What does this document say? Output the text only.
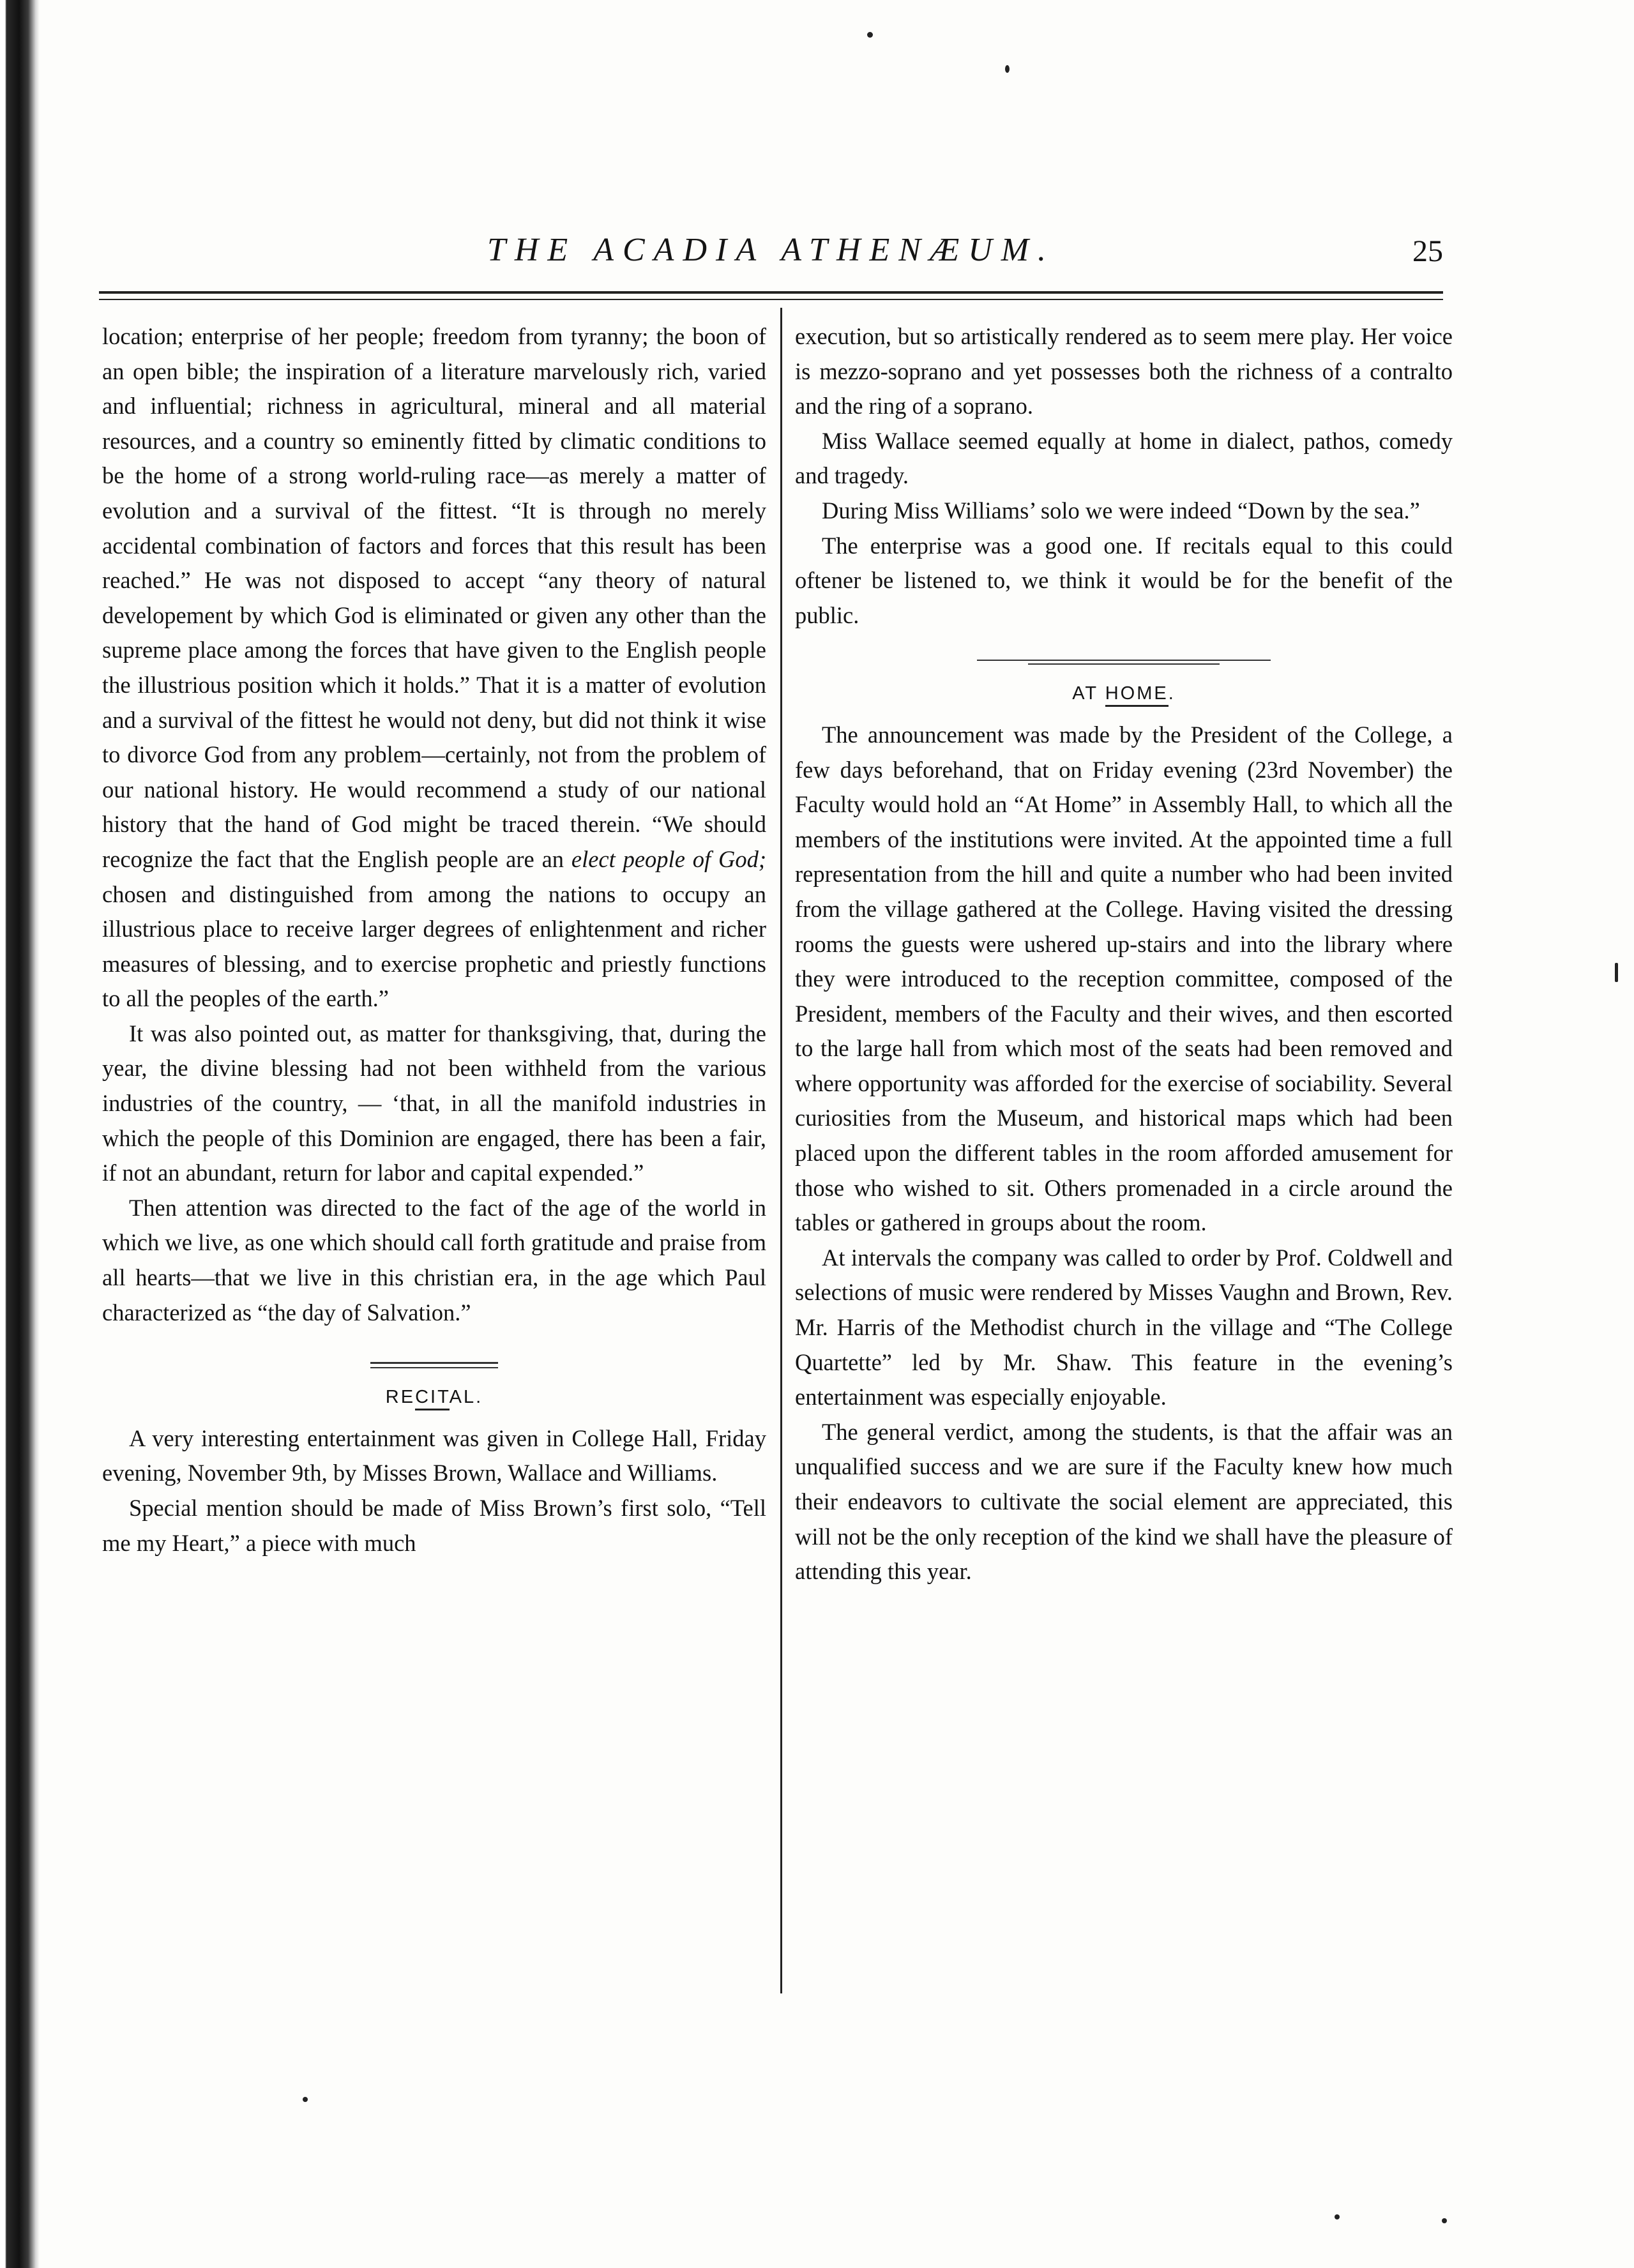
THE ACADIA ATHENÆUM.	25

location; enterprise of her people; freedom from tyranny; the boon of an open bible; the inspiration of a literature marvelously rich, varied and influential; richness in agricultural, mineral and all material resources, and a country so eminently fitted by climatic conditions to be the home of a strong world-ruling race—as merely a matter of evolution and a survival of the fittest. “It is through no merely accidental combination of factors and forces that this result has been reached.” He was not disposed to accept “any theory of natural developement by which God is eliminated or given any other than the supreme place among the forces that have given to the English people the illustrious position which it holds.” That it is a matter of evolution and a survival of the fittest he would not deny, but did not think it wise to divorce God from any problem—certainly, not from the problem of our national history. He would recommend a study of our national history that the hand of God might be traced therein. “We should recognize the fact that the English people are an elect people of God; chosen and distinguished from among the nations to occupy an illustrious place to receive larger degrees of enlightenment and richer measures of blessing, and to exercise prophetic and priestly functions to all the peoples of the earth.”

It was also pointed out, as matter for thanksgiving, that, during the year, the divine blessing had not been withheld from the various industries of the country, — ‘that, in all the manifold industries in which the people of this Dominion are engaged, there has been a fair, if not an abundant, return for labor and capital expended.”

Then attention was directed to the fact of the age of the world in which we live, as one which should call forth gratitude and praise from all hearts—that we live in this christian era, in the age which Paul characterized as “the day of Salvation.”

RECITAL.

A very interesting entertainment was given in College Hall, Friday evening, November 9th, by Misses Brown, Wallace and Williams.

Special mention should be made of Miss Brown’s first solo, “Tell me my Heart,” a piece with much

execution, but so artistically rendered as to seem mere play. Her voice is mezzo-soprano and yet possesses both the richness of a contralto and the ring of a soprano.

Miss Wallace seemed equally at home in dialect, pathos, comedy and tragedy.

During Miss Williams’ solo we were indeed “Down by the sea.”

The enterprise was a good one. If recitals equal to this could oftener be listened to, we think it would be for the benefit of the public.

AT HOME.

The announcement was made by the President of the College, a few days beforehand, that on Friday evening (23rd November) the Faculty would hold an “At Home” in Assembly Hall, to which all the members of the institutions were invited. At the appointed time a full representation from the hill and quite a number who had been invited from the village gathered at the College. Having visited the dressing rooms the guests were ushered up-stairs and into the library where they were introduced to the reception committee, composed of the President, members of the Faculty and their wives, and then escorted to the large hall from which most of the seats had been removed and where opportunity was afforded for the exercise of sociability. Several curiosities from the Museum, and historical maps which had been placed upon the different tables in the room afforded amusement for those who wished to sit. Others promenaded in a circle around the tables or gathered in groups about the room.

At intervals the company was called to order by Prof. Coldwell and selections of music were rendered by Misses Vaughn and Brown, Rev. Mr. Harris of the Methodist church in the village and “The College Quartette” led by Mr. Shaw. This feature in the evening’s entertainment was especially enjoyable.

The general verdict, among the students, is that the affair was an unqualified success and we are sure if the Faculty knew how much their endeavors to cultivate the social element are appreciated, this will not be the only reception of the kind we shall have the pleasure of attending this year.
